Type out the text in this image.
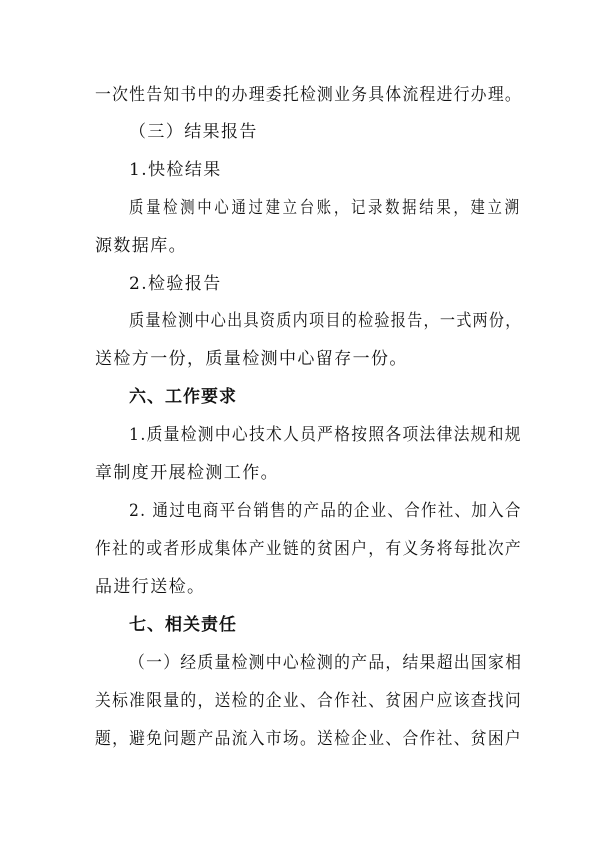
一次性告知书中的办理委托检测业务具体流程进行办理。
（三）结果报告
1.快检结果
质量检测中心通过建立台账，记录数据结果，建立溯
源数据库。
2.检验报告
质量检测中心出具资质内项目的检验报告，一式两份，
送检方一份，质量检测中心留存一份。
六、工作要求
1.质量检测中心技术人员严格按照各项法律法规和规
章制度开展检测工作。
2. 通过电商平台销售的产品的企业、合作社、加入合
作社的或者形成集体产业链的贫困户，有义务将每批次产
品进行送检。
七、相关责任
（一）经质量检测中心检测的产品，结果超出国家相
关标准限量的，送检的企业、合作社、贫困户应该查找问
题，避免问题产品流入市场。送检企业、合作社、贫困户
